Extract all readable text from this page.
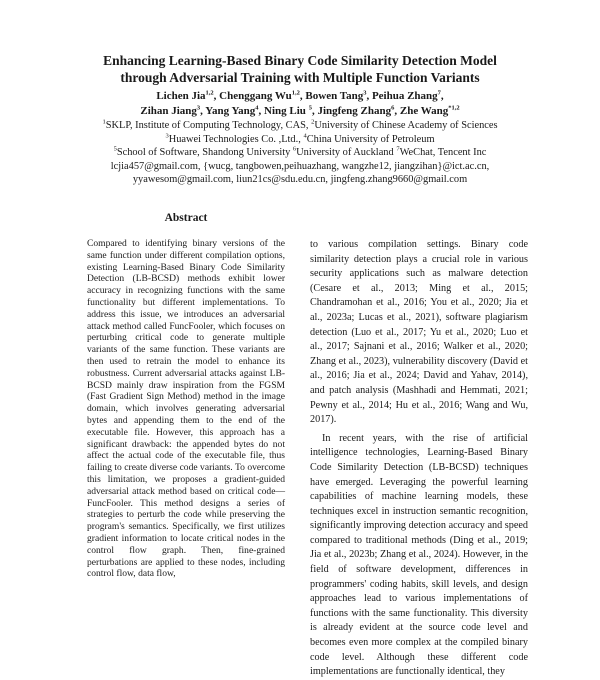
Enhancing Learning-Based Binary Code Similarity Detection Model
through Adversarial Training with Multiple Function Variants
Lichen Jia$^{1,2}$, Chenggang Wu$^{1,2}$, Bowen Tang$^3$, Peihua Zhang$^7$,
Zihan Jiang$^3$, Yang Yang$^4$, Ning Liu $^5$, Jingfeng Zhang$^6$, Zhe Wang$^{*1,2}$
$^1$SKLP, Institute of Computing Technology, CAS, $^2$University of Chinese Academy of Sciences
$^3$Huawei Technologies Co. ,Ltd., $^4$China University of Petroleum
$^5$School of Software, Shandong University $^6$University of Auckland $^7$WeChat, Tencent Inc
lcjia457@gmail.com, {wucg, tangbowen,peihuazhang, wangzhe12, jiangzihan}@ict.ac.cn,
yyawesom@gmail.com, liun21cs@sdu.edu.cn, jingfeng.zhang9660@gmail.com
Abstract

Compared to identifying binary versions of the same function under different compilation options, existing Learning-Based Binary Code Similarity Detection (LB-BCSD) methods exhibit lower accuracy in recognizing functions with the same functionality but different implementations. To address this issue, we introduces an adversarial attack method called FuncFooler, which focuses on perturbing critical code to generate multiple variants of the same function. These variants are then used to retrain the model to enhance its robustness. Current adversarial attacks against LB-BCSD mainly draw inspiration from the FGSM (Fast Gradient Sign Method) method in the image domain, which involves generating adversarial bytes and appending them to the end of the executable file. However, this approach has a significant drawback: the appended bytes do not affect the actual code of the executable file, thus failing to create diverse code variants. To overcome this limitation, we proposes a gradient-guided adversarial attack method based on critical code—FuncFooler. This method designs a series of strategies to perturb the code while preserving the program's semantics. Specifically, we first utilizes gradient information to locate critical nodes in the control flow graph. Then, fine-grained perturbations are applied to these nodes, including control flow, data flow,

to various compilation settings. Binary code similarity detection plays a crucial role in various security applications such as malware detection (Cesare et al., 2013; Ming et al., 2015; Chandramohan et al., 2016; You et al., 2020; Jia et al., 2023a; Lucas et al., 2021), software plagiarism detection (Luo et al., 2017; Yu et al., 2020; Luo et al., 2017; Sajnani et al., 2016; Walker et al., 2020; Zhang et al., 2023), vulnerability discovery (David et al., 2016; Jia et al., 2024; David and Yahav, 2014), and patch analysis (Mashhadi and Hemmati, 2021; Pewny et al., 2014; Hu et al., 2016; Wang and Wu, 2017).

In recent years, with the rise of artificial intelligence technologies, Learning-Based Binary Code Similarity Detection (LB-BCSD) techniques have emerged. Leveraging the powerful learning capabilities of machine learning models, these techniques excel in instruction semantic recognition, significantly improving detection accuracy and speed compared to traditional methods (Ding et al., 2019; Jia et al., 2023b; Zhang et al., 2024). However, in the field of software development, differences in programmers' coding habits, skill levels, and design approaches lead to various implementations of functions with the same functionality. This diversity is already evident at the source code level and becomes even more complex at the compiled binary code level. Although these different code implementations are functionally identical, they
